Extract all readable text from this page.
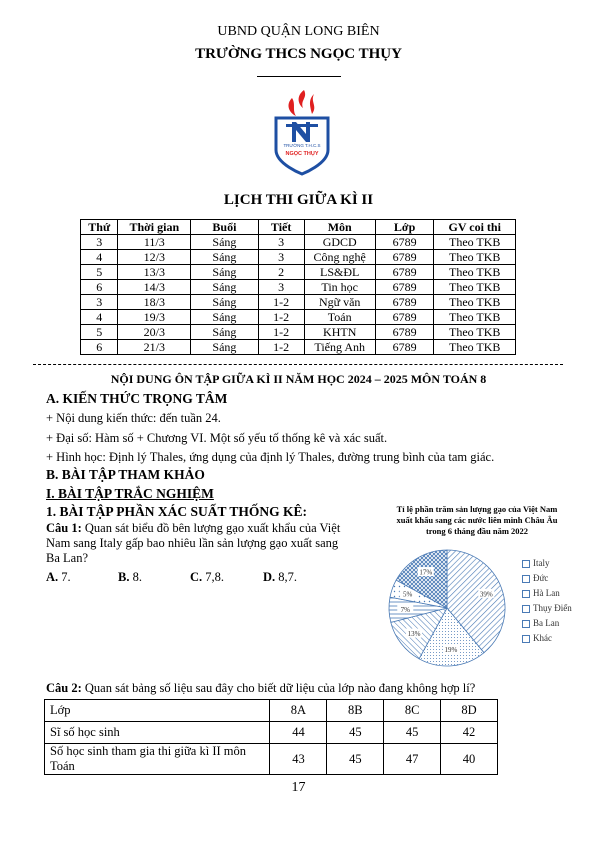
UBND QUẬN LONG BIÊN
TRƯỜNG THCS NGỌC THỤY
TRƯỜNG T.H.C.S
NGỌC THỤY
LỊCH THI GIỮA KÌ II
Thứ	Thời gian	Buổi	Tiết	Môn	Lớp	GV coi thi
3	11/3	Sáng	3	GDCD	6789	Theo TKB
4	12/3	Sáng	3	Công nghệ	6789	Theo TKB
5	13/3	Sáng	2	LS&ĐL	6789	Theo TKB
6	14/3	Sáng	3	Tin học	6789	Theo TKB
3	18/3	Sáng	1-2	Ngữ văn	6789	Theo TKB
4	19/3	Sáng	1-2	Toán	6789	Theo TKB
5	20/3	Sáng	1-2	KHTN	6789	Theo TKB
6	21/3	Sáng	1-2	Tiếng Anh	6789	Theo TKB
NỘI DUNG ÔN TẬP GIỮA KÌ II NĂM HỌC 2024 – 2025 MÔN TOÁN 8
A. KIẾN THỨC TRỌNG TÂM
+ Nội dung kiến thức: đến tuần 24.
+ Đại số: Hàm số + Chương VI. Một số yếu tố thống kê và xác suất.
+ Hình học: Định lý Thales, ứng dụng của định lý Thales, đường trung bình của tam giác.
B. BÀI TẬP THAM KHẢO
I. BÀI TẬP TRẮC NGHIỆM
1. BÀI TẬP PHẦN XÁC SUẤT THỐNG KÊ:
Câu 1: Quan sát biểu đồ bên lượng gạo xuất khẩu của Việt
Nam sang Italy gấp bao nhiêu lần sản lượng gạo xuất sang
Ba Lan?
A. 7.	B. 8.	C. 7,8.	D. 8,7.
Tỉ lệ phần trăm sản lượng gạo của Việt Nam
xuất khẩu sang các nước liên minh Châu Âu
trong 6 tháng đầu năm 2022
39%
19%
13%
7%
5%
17%
Italy
Đức
Hà Lan
Thụy Điển
Ba Lan
Khác
Câu 2: Quan sát bảng số liệu sau đây cho biết dữ liệu của lớp nào đang không hợp lí?
Lớp	8A	8B	8C	8D
Sĩ số học sinh	44	45	45	42
Số học sinh tham gia thi giữa kì II môn Toán	43	45	47	40
17
